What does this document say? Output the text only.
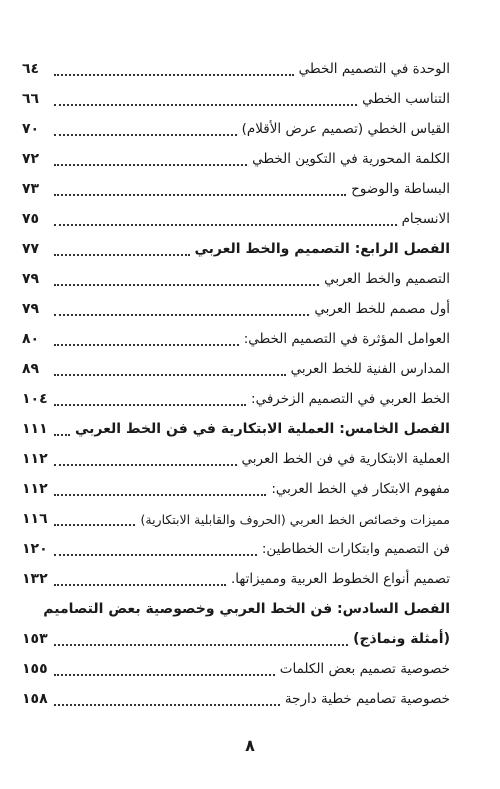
الوحدة في التصميم الخطي
٦٤
التناسب الخطي
٦٦
القياس الخطي (تصميم عرض الأقلام)
٧٠
الكلمة المحورية في التكوين الخطي
٧٢
البساطة والوضوح
٧٣
الانسجام
٧٥
الفصل الرابع: التصميم والخط العربي
٧٧
التصميم والخط العربي
٧٩
أول مصمم للخط العربي
٧٩
العوامل المؤثرة في التصميم الخطي:
٨٠
المدارس الفنية للخط العربي
٨٩
الخط العربي في التصميم الزخرفي:
١٠٤
الفصل الخامس: العملية الابتكارية في فن الخط العربي
١١١
العملية الابتكارية في فن الخط العربي
١١٢
مفهوم الابتكار في الخط العربي:
١١٢
مميزات وخصائص الخط العربي (الحروف والقابلية الابتكارية)
١١٦
فن التصميم وابتكارات الخطاطين:
١٢٠
تصميم أنواع الخطوط العربية ومميزاتها.
١٣٢
الفصل السادس: فن الخط العربي وخصوصية بعض التصاميم
(أمثلة ونماذج)
١٥٣
خصوصية تصميم بعض الكلمات
١٥٥
خصوصية تصاميم خطية دارجة
١٥٨
٨
